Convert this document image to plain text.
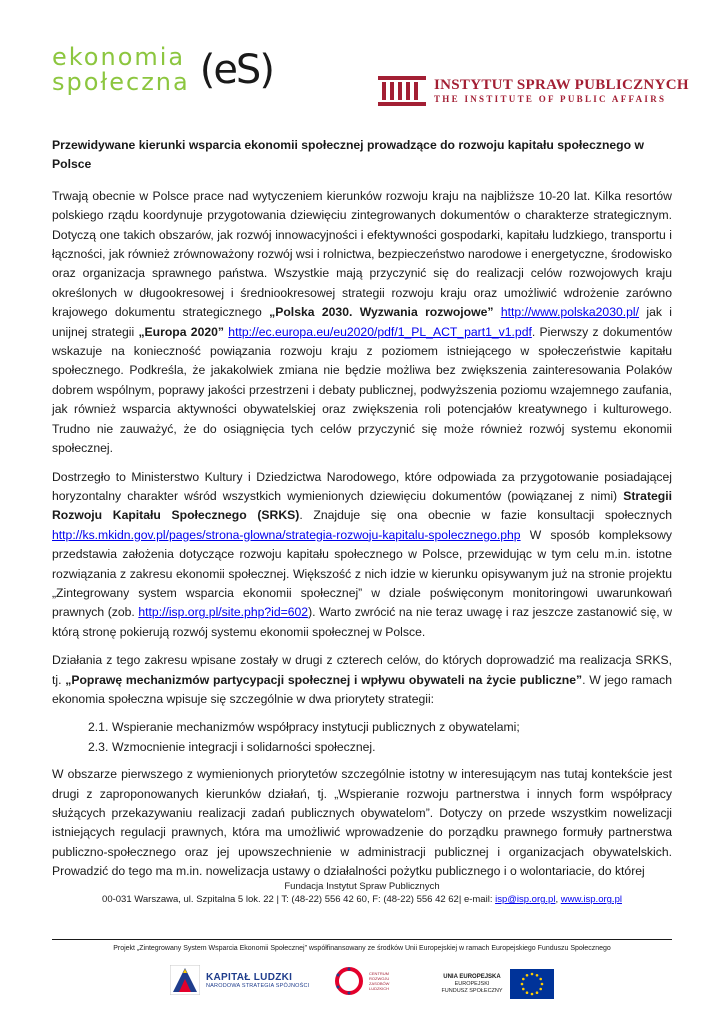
ekonomia
społeczna (eS)	INSTYTUT SPRAW PUBLICZNYCH
THE INSTITUTE OF PUBLIC AFFAIRS
Przewidywane kierunki wsparcia ekonomii społecznej prowadzące do rozwoju kapitału społecznego w Polsce

Trwają obecnie w Polsce prace nad wytyczeniem kierunków rozwoju kraju na najbliższe 10-20 lat. Kilka resortów polskiego rządu koordynuje przygotowania dziewięciu zintegrowanych dokumentów o charakterze strategicznym. Dotyczą one takich obszarów, jak rozwój innowacyjności i efektywności gospodarki, kapitału ludzkiego, transportu i łączności, jak również zrównoważony rozwój wsi i rolnictwa, bezpieczeństwo narodowe i energetyczne, środowisko oraz organizacja sprawnego państwa. Wszystkie mają przyczynić się do realizacji celów rozwojowych kraju określonych w długookresowej i średniookresowej strategii rozwoju kraju oraz umożliwić wdrożenie zarówno krajowego dokumentu strategicznego „Polska 2030. Wyzwania rozwojowe” http://www.polska2030.pl/ jak i unijnej strategii „Europa 2020” http://ec.europa.eu/eu2020/pdf/1_PL_ACT_part1_v1.pdf. Pierwszy z dokumentów wskazuje na konieczność powiązania rozwoju kraju z poziomem istniejącego w społeczeństwie kapitału społecznego. Podkreśla, że jakakolwiek zmiana nie będzie możliwa bez zwiększenia zainteresowania Polaków dobrem wspólnym, poprawy jakości przestrzeni i debaty publicznej, podwyższenia poziomu wzajemnego zaufania, jak również wsparcia aktywności obywatelskiej oraz zwiększenia roli potencjałów kreatywnego i kulturowego. Trudno nie zauważyć, że do osiągnięcia tych celów przyczynić się może również rozwój systemu ekonomii społecznej.

Dostrzegło to Ministerstwo Kultury i Dziedzictwa Narodowego, które odpowiada za przygotowanie posiadającej horyzontalny charakter wśród wszystkich wymienionych dziewięciu dokumentów (powiązanej z nimi) Strategii Rozwoju Kapitału Społecznego (SRKS). Znajduje się ona obecnie w fazie konsultacji społecznych http://ks.mkidn.gov.pl/pages/strona-glowna/strategia-rozwoju-kapitalu-spolecznego.php W sposób kompleksowy przedstawia założenia dotyczące rozwoju kapitału społecznego w Polsce, przewidując w tym celu m.in. istotne rozwiązania z zakresu ekonomii społecznej. Większość z nich idzie w kierunku opisywanym już na stronie projektu „Zintegrowany system wsparcia ekonomii społecznej” w dziale poświęconym monitoringowi uwarunkowań prawnych (zob. http://isp.org.pl/site.php?id=602). Warto zwrócić na nie teraz uwagę i raz jeszcze zastanowić się, w którą stronę pokierują rozwój systemu ekonomii społecznej w Polsce.

Działania z tego zakresu wpisane zostały w drugi z czterech celów, do których doprowadzić ma realizacja SRKS, tj. „Poprawę mechanizmów partycypacji społecznej i wpływu obywateli na życie publiczne”. W jego ramach ekonomia społeczna wpisuje się szczególnie w dwa priorytety strategii:

2.1. Wspieranie mechanizmów współpracy instytucji publicznych z obywatelami;
2.3. Wzmocnienie integracji i solidarności społecznej.

W obszarze pierwszego z wymienionych priorytetów szczególnie istotny w interesującym nas tutaj kontekście jest drugi z zaproponowanych kierunków działań, tj. „Wspieranie rozwoju partnerstwa i innych form współpracy służących przekazywaniu realizacji zadań publicznych obywatelom”. Dotyczy on przede wszystkim nowelizacji istniejących regulacji prawnych, która ma umożliwić wprowadzenie do porządku prawnego formuły partnerstwa publiczno-społecznego oraz jej upowszechnienie w administracji publicznej i organizacjach obywatelskich. Prowadzić do tego ma m.in. nowelizacja ustawy o działalności pożytku publicznego i o wolontariacie, do której

Fundacja Instytut Spraw Publicznych
00-031 Warszawa, ul. Szpitalna 5 lok. 22 | T: (48-22) 556 42 60, F: (48-22) 556 42 62| e-mail: isp@isp.org.pl, www.isp.org.pl
Projekt „Zintegrowany System Wsparcia Ekonomii Społecznej” współfinansowany ze środków Unii Europejskiej w ramach Europejskiego Funduszu Społecznego
KAPITAŁ LUDZKI
NARODOWA STRATEGIA SPÓJNOŚCI
CENTRUM ROZWOJU ZASOBÓW LUDZKICH
UNIA EUROPEJSKA
EUROPEJSKI
FUNDUSZ SPOŁECZNY
